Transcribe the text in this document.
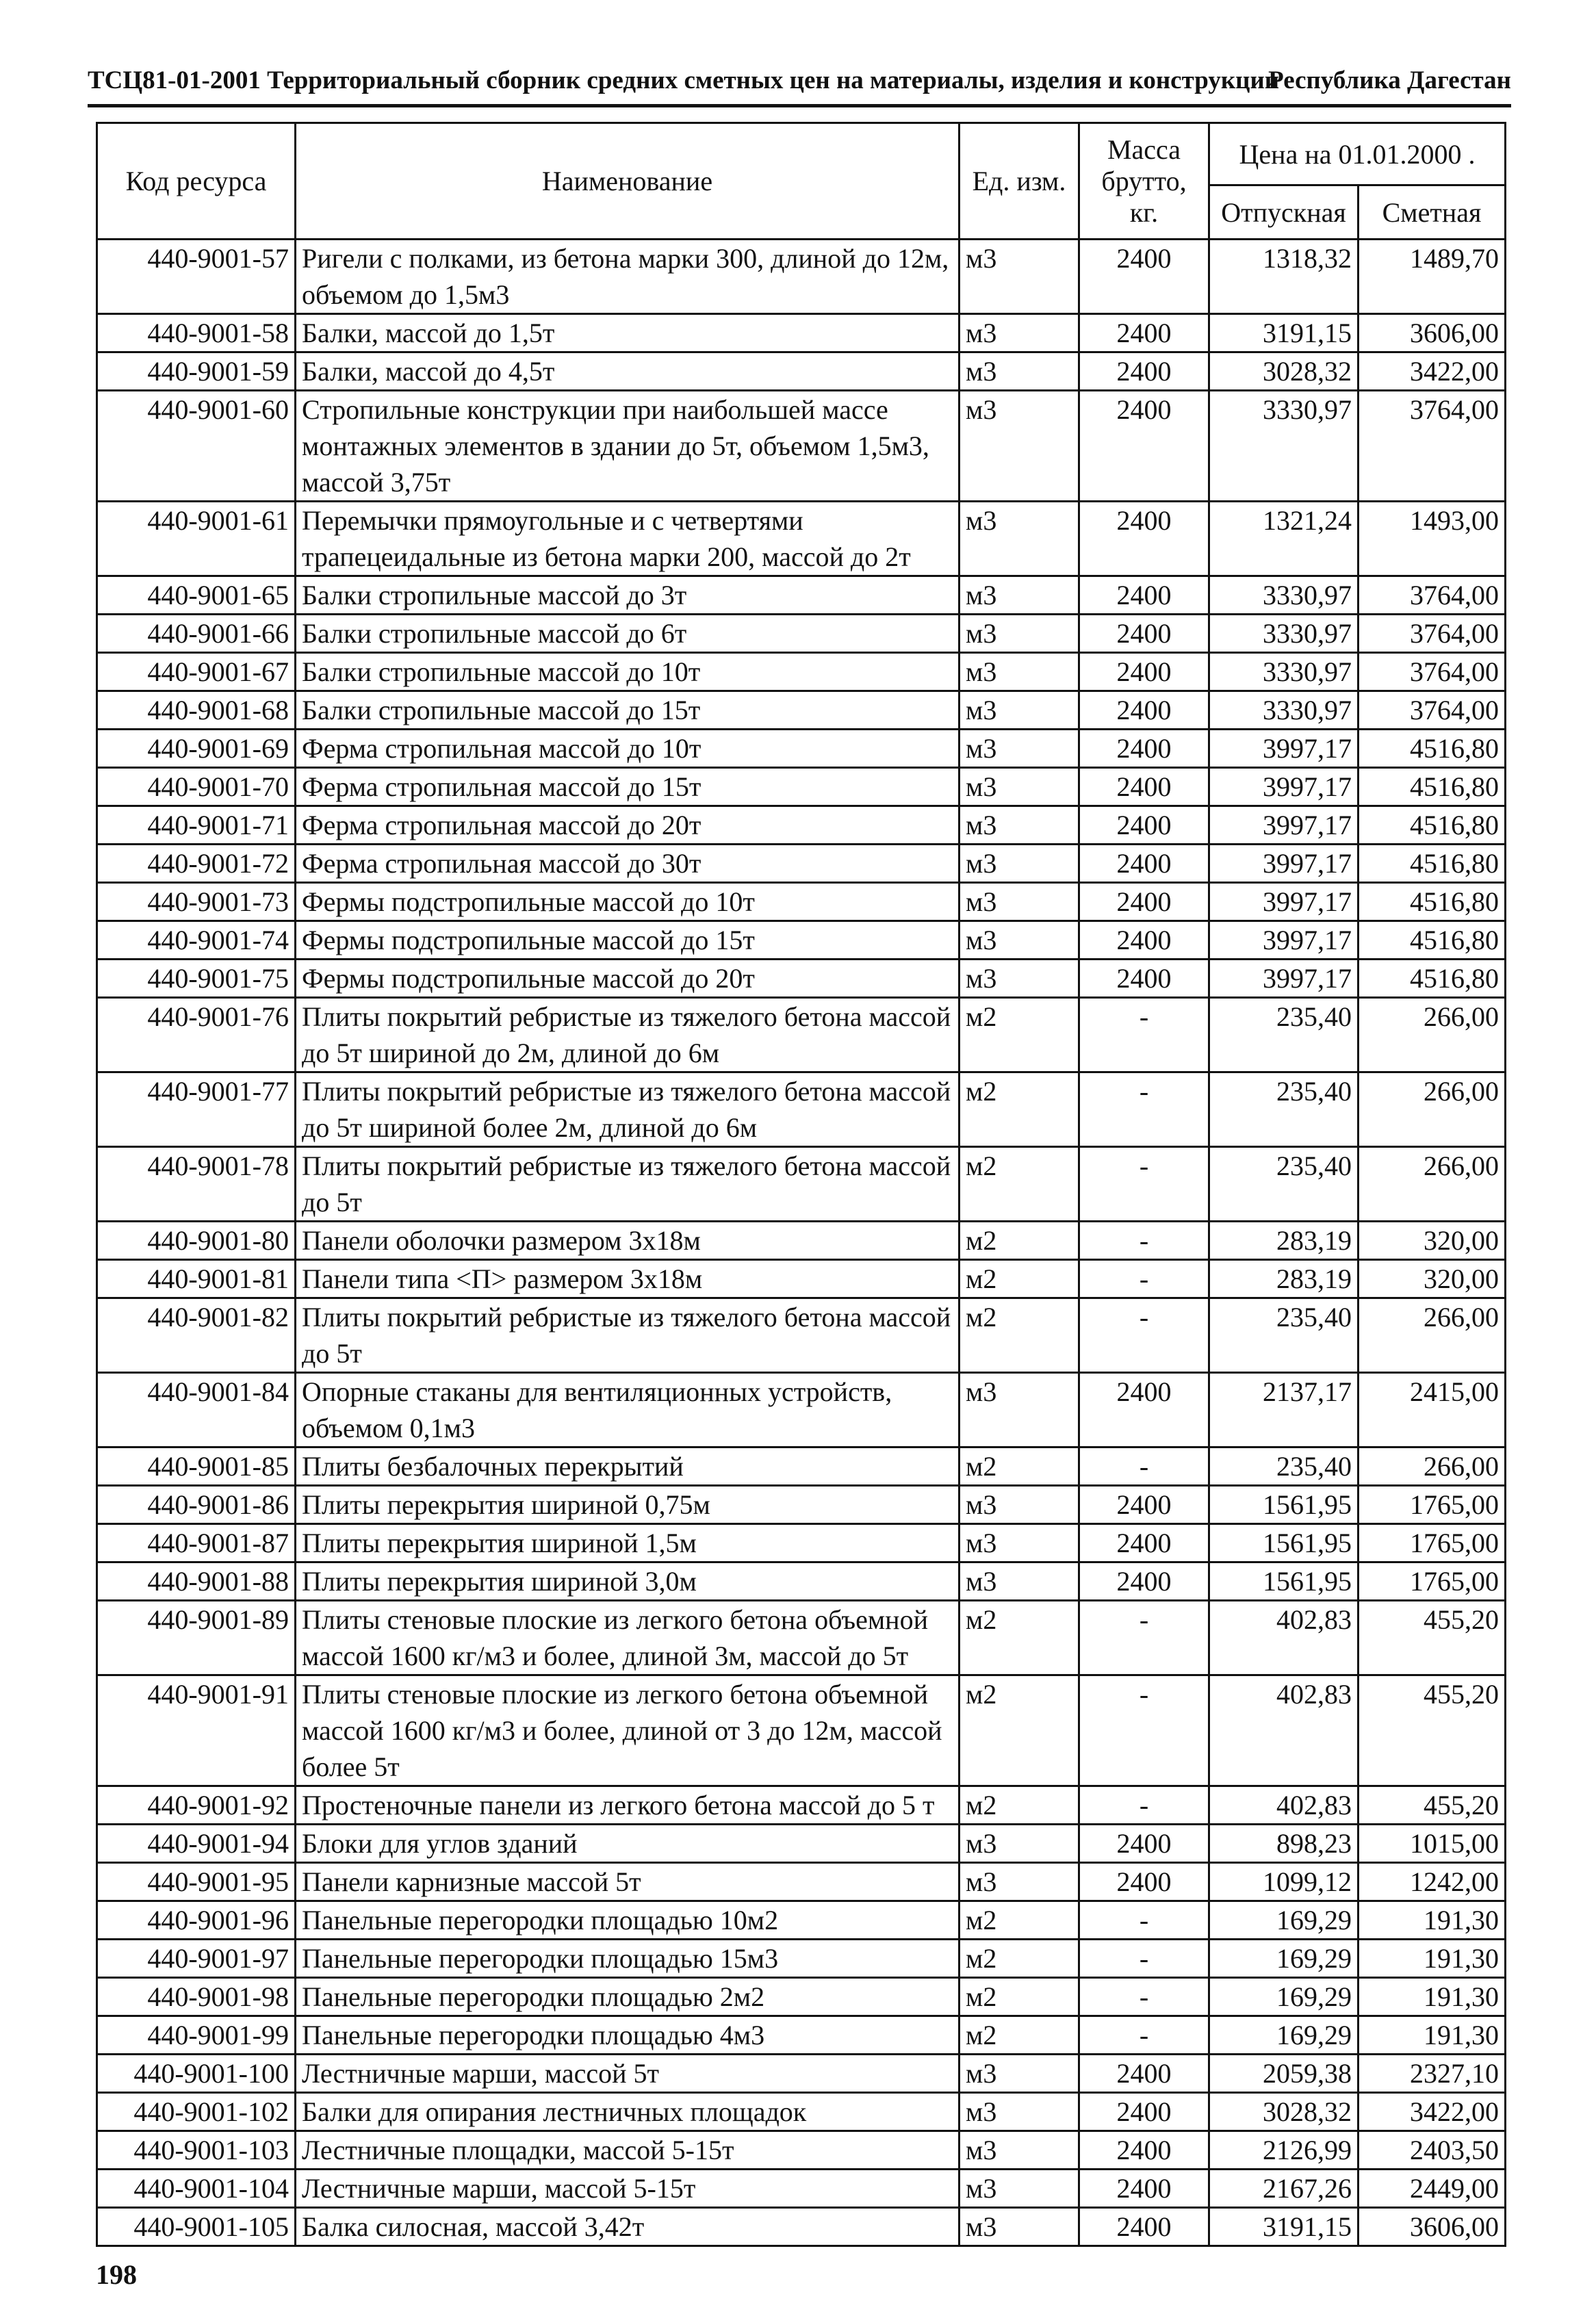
ТСЦ81-01-2001 Территориальный сборник средних сметных цен на материалы, изделия и конструкции
Республика Дагестан
Код ресурса	Наименование	Ед. изм.	Масса брутто, кг.	Цена на 01.01.2000 .	
				Отпускная	Сметная
440-9001-57	Ригели с полками, из бетона марки 300, длиной до 12м, объемом до 1,5м3	м3	2400	1318,32	1489,70
440-9001-58	Балки, массой до 1,5т	м3	2400	3191,15	3606,00
440-9001-59	Балки, массой до 4,5т	м3	2400	3028,32	3422,00
440-9001-60	Стропильные конструкции при наибольшей массе монтажных элементов в здании до 5т, объемом 1,5м3, массой 3,75т	м3	2400	3330,97	3764,00
440-9001-61	Перемычки прямоугольные и с четвертями трапецеидальные из бетона марки 200, массой до 2т	м3	2400	1321,24	1493,00
440-9001-65	Балки стропильные массой до 3т	м3	2400	3330,97	3764,00
440-9001-66	Балки стропильные массой до 6т	м3	2400	3330,97	3764,00
440-9001-67	Балки стропильные массой до 10т	м3	2400	3330,97	3764,00
440-9001-68	Балки стропильные массой до 15т	м3	2400	3330,97	3764,00
440-9001-69	Ферма стропильная массой до 10т	м3	2400	3997,17	4516,80
440-9001-70	Ферма стропильная массой до 15т	м3	2400	3997,17	4516,80
440-9001-71	Ферма стропильная массой до 20т	м3	2400	3997,17	4516,80
440-9001-72	Ферма стропильная массой до 30т	м3	2400	3997,17	4516,80
440-9001-73	Фермы подстропильные массой до 10т	м3	2400	3997,17	4516,80
440-9001-74	Фермы подстропильные массой до 15т	м3	2400	3997,17	4516,80
440-9001-75	Фермы подстропильные массой до 20т	м3	2400	3997,17	4516,80
440-9001-76	Плиты покрытий ребристые из тяжелого бетона массой до 5т шириной до 2м, длиной до 6м	м2	-	235,40	266,00
440-9001-77	Плиты покрытий ребристые из тяжелого бетона массой до 5т шириной более 2м, длиной до 6м	м2	-	235,40	266,00
440-9001-78	Плиты покрытий ребристые из тяжелого бетона массой до 5т	м2	-	235,40	266,00
440-9001-80	Панели оболочки размером 3х18м	м2	-	283,19	320,00
440-9001-81	Панели типа <П> размером 3х18м	м2	-	283,19	320,00
440-9001-82	Плиты покрытий ребристые из тяжелого бетона массой до 5т	м2	-	235,40	266,00
440-9001-84	Опорные стаканы для вентиляционных устройств, объемом 0,1м3	м3	2400	2137,17	2415,00
440-9001-85	Плиты безбалочных перекрытий	м2	-	235,40	266,00
440-9001-86	Плиты перекрытия шириной 0,75м	м3	2400	1561,95	1765,00
440-9001-87	Плиты перекрытия шириной 1,5м	м3	2400	1561,95	1765,00
440-9001-88	Плиты перекрытия шириной 3,0м	м3	2400	1561,95	1765,00
440-9001-89	Плиты стеновые плоские из легкого бетона объемной массой 1600 кг/м3 и более, длиной 3м, массой до 5т	м2	-	402,83	455,20
440-9001-91	Плиты стеновые плоские из легкого бетона объемной массой 1600 кг/м3 и более, длиной от 3 до 12м, массой более 5т	м2	-	402,83	455,20
440-9001-92	Простеночные панели из легкого бетона массой до 5 т	м2	-	402,83	455,20
440-9001-94	Блоки для углов зданий	м3	2400	898,23	1015,00
440-9001-95	Панели карнизные массой 5т	м3	2400	1099,12	1242,00
440-9001-96	Панельные перегородки площадью 10м2	м2	-	169,29	191,30
440-9001-97	Панельные перегородки площадью 15м3	м2	-	169,29	191,30
440-9001-98	Панельные перегородки площадью 2м2	м2	-	169,29	191,30
440-9001-99	Панельные перегородки площадью 4м3	м2	-	169,29	191,30
440-9001-100	Лестничные марши, массой 5т	м3	2400	2059,38	2327,10
440-9001-102	Балки для опирания лестничных площадок	м3	2400	3028,32	3422,00
440-9001-103	Лестничные площадки, массой 5-15т	м3	2400	2126,99	2403,50
440-9001-104	Лестничные марши, массой 5-15т	м3	2400	2167,26	2449,00
440-9001-105	Балка силосная, массой 3,42т	м3	2400	3191,15	3606,00
198
